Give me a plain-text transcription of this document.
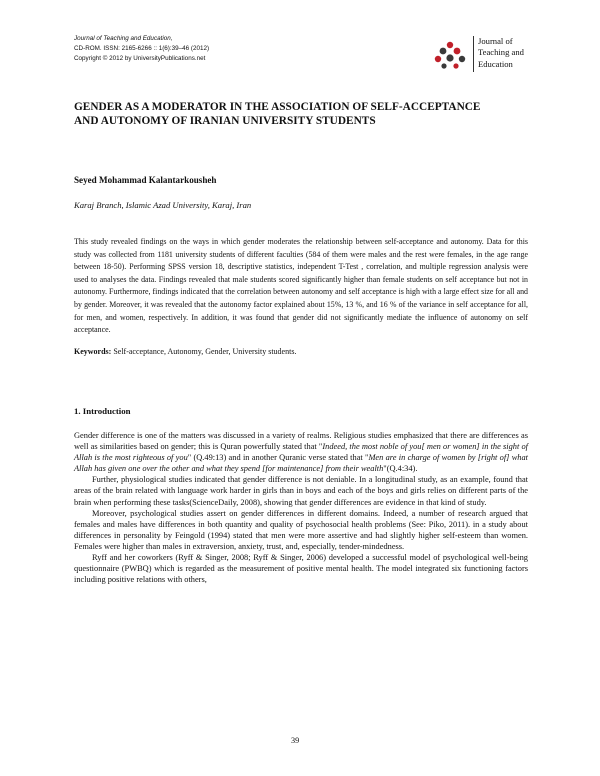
Journal of Teaching and Education,
CD-ROM. ISSN: 2165-6266 :: 1(6):39–46 (2012)
Copyright © 2012 by UniversityPublications.net
Journal of
Teaching and
Education
GENDER AS A MODERATOR IN THE ASSOCIATION OF SELF-ACCEPTANCE AND AUTONOMY OF IRANIAN UNIVERSITY STUDENTS
Seyed Mohammad Kalantarkousheh
Karaj Branch, Islamic Azad University, Karaj, Iran
This study revealed findings on the ways in which gender moderates the relationship between self-acceptance and autonomy. Data for this study was collected from 1181 university students of different faculties (584 of them were males and the rest were females, in the age range between 18-50). Performing SPSS version 18, descriptive statistics, independent T-Test , correlation, and multiple regression analysis were used to analyses the data. Findings revealed that male students scored significantly higher than female students on self acceptance but not in autonomy. Furthermore, findings indicated that the correlation between autonomy and self acceptance is high with a large effect size for all and by gender. Moreover, it was revealed that the autonomy factor explained about 15%, 13 %, and 16 % of the variance in self acceptance for all, for men, and women, respectively. In addition, it was found that gender did not significantly mediate the influence of autonomy on self acceptance.
Keywords: Self-acceptance, Autonomy, Gender, University students.
1. Introduction

Gender difference is one of the matters was discussed in a variety of realms. Religious studies emphasized that there are differences as well as similarities based on gender; this is Quran powerfully stated that "Indeed, the most noble of you[ men or women] in the sight of Allah is the most righteous of you" (Q.49:13) and in another Quranic verse stated that "Men are in charge of women by [right of] what Allah has given one over the other and what they spend [for maintenance] from their wealth"(Q.4:34).

Further, physiological studies indicated that gender difference is not deniable. In a longitudinal study, as an example, found that areas of the brain related with language work harder in girls than in boys and each of the boys and girls relies on different parts of the brain when performing these tasks(ScienceDaily, 2008), showing that gender differences are evidence in that kind of study.

Moreover, psychological studies assert on gender differences in different domains. Indeed, a number of research argued that females and males have differences in both quantity and quality of psychosocial health problems (See: Piko, 2011). in a study about differences in personality by Feingold (1994) stated that men were more assertive and had slightly higher self-esteem than women. Females were higher than males in extraversion, anxiety, trust, and, especially, tender-mindedness.

Ryff and her coworkers (Ryff & Singer, 2008; Ryff & Singer, 2006) developed a successful model of psychological well-being questionnaire (PWBQ) which is regarded as the measurement of positive mental health. The model integrated six functioning factors including positive relations with others,

39
